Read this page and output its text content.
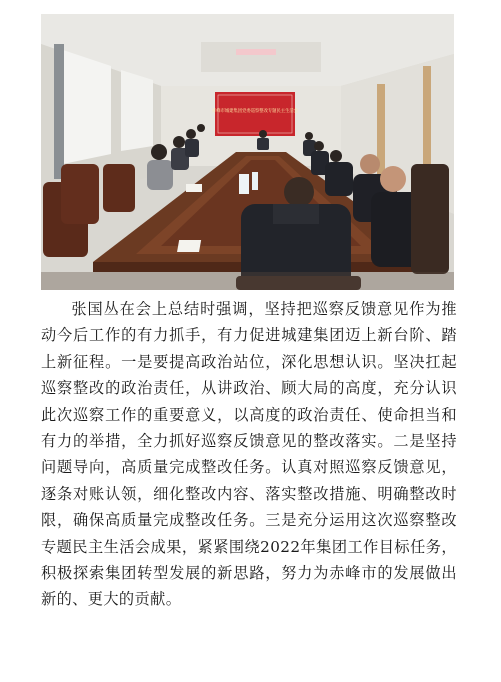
赤峰市城建集团党委巡察整改专题民主生活会

张国丛在会上总结时强调，坚持把巡察反馈意见作为推动今后工作的有力抓手，有力促进城建集团迈上新台阶、踏上新征程。一是要提高政治站位，深化思想认识。坚决扛起巡察整改的政治责任，从讲政治、顾大局的高度，充分认识此次巡察工作的重要意义，以高度的政治责任、使命担当和有力的举措，全力抓好巡察反馈意见的整改落实。二是坚持问题导向，高质量完成整改任务。认真对照巡察反馈意见，逐条对账认领，细化整改内容、落实整改措施、明确整改时限，确保高质量完成整改任务。三是充分运用这次巡察整改专题民主生活会成果，紧紧围绕2022年集团工作目标任务，积极探索集团转型发展的新思路，努力为赤峰市的发展做出新的、更大的贡献。
